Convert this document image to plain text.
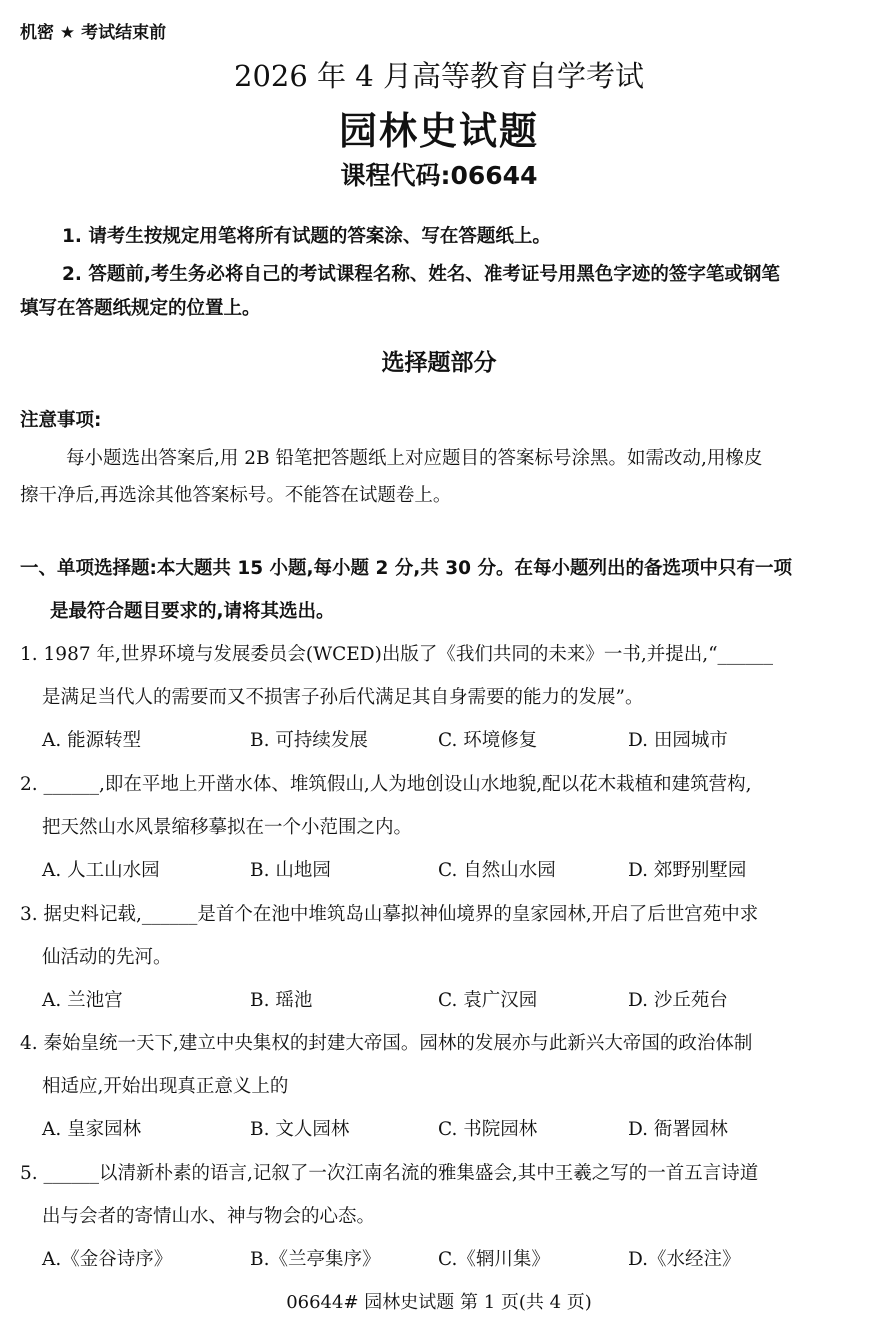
机密 ★ 考试结束前
2026 年 4 月高等教育自学考试
园林史试题
课程代码:06644
1. 请考生按规定用笔将所有试题的答案涂、写在答题纸上。
2. 答题前,考生务必将自己的考试课程名称、姓名、准考证号用黑色字迹的签字笔或钢笔
填写在答题纸规定的位置上。
选择题部分
注意事项:
每小题选出答案后,用 2B 铅笔把答题纸上对应题目的答案标号涂黑。如需改动,用橡皮
擦干净后,再选涂其他答案标号。不能答在试题卷上。
一、单项选择题:本大题共 15 小题,每小题 2 分,共 30 分。在每小题列出的备选项中只有一项
是最符合题目要求的,请将其选出。
1. 1987 年,世界环境与发展委员会(WCED)出版了《我们共同的未来》一书,并提出,“______
是满足当代人的需要而又不损害子孙后代满足其自身需要的能力的发展”。
A. 能源转型	B. 可持续发展	C. 环境修复	D. 田园城市
2. ______,即在平地上开凿水体、堆筑假山,人为地创设山水地貌,配以花木栽植和建筑营构,
把天然山水风景缩移摹拟在一个小范围之内。
A. 人工山水园	B. 山地园	C. 自然山水园	D. 郊野别墅园
3. 据史料记载,______是首个在池中堆筑岛山摹拟神仙境界的皇家园林,开启了后世宫苑中求
仙活动的先河。
A. 兰池宫	B. 瑶池	C. 袁广汉园	D. 沙丘苑台
4. 秦始皇统一天下,建立中央集权的封建大帝国。园林的发展亦与此新兴大帝国的政治体制
相适应,开始出现真正意义上的
A. 皇家园林	B. 文人园林	C. 书院园林	D. 衙署园林
5. ______以清新朴素的语言,记叙了一次江南名流的雅集盛会,其中王羲之写的一首五言诗道
出与会者的寄情山水、神与物会的心态。
A.《金谷诗序》	B.《兰亭集序》	C.《辋川集》	D.《水经注》
06644# 园林史试题 第 1 页(共 4 页)
